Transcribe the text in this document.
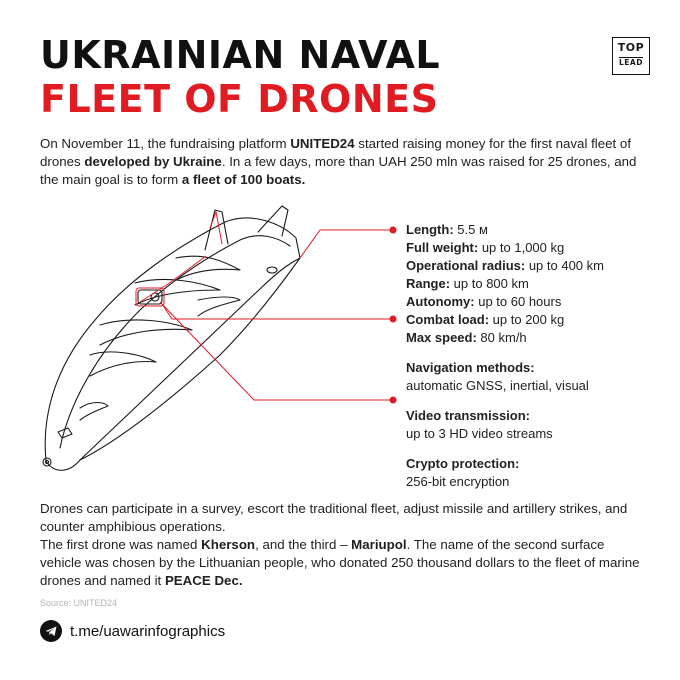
UKRAINIAN NAVAL
FLEET OF DRONES
TOP
LEAD

On November 11, the fundraising platform UNITED24 started raising money for the first naval fleet of drones developed by Ukraine. In a few days, more than UAH 250 mln was raised for 25 drones, and the main goal is to form a fleet of 100 boats.

Length: 5.5 м
Full weight: up to 1,000 kg
Operational radius: up to 400 km
Range: up to 800 km
Autonomy: up to 60 hours
Combat load: up to 200 kg
Max speed: 80 km/h
Navigation methods:
automatic GNSS, inertial, visual
Video transmission:
up to 3 HD video streams
Crypto protection:
256-bit encryption

Drones can participate in a survey, escort the traditional fleet, adjust missile and artillery strikes, and counter amphibious operations.

The first drone was named Kherson, and the third – Mariupol. The name of the second surface vehicle was chosen by the Lithuanian people, who donated 250 thousand dollars to the fleet of marine drones and named it PEACE Dec.

Source: UNITED24
t.me/uawarinfographics
